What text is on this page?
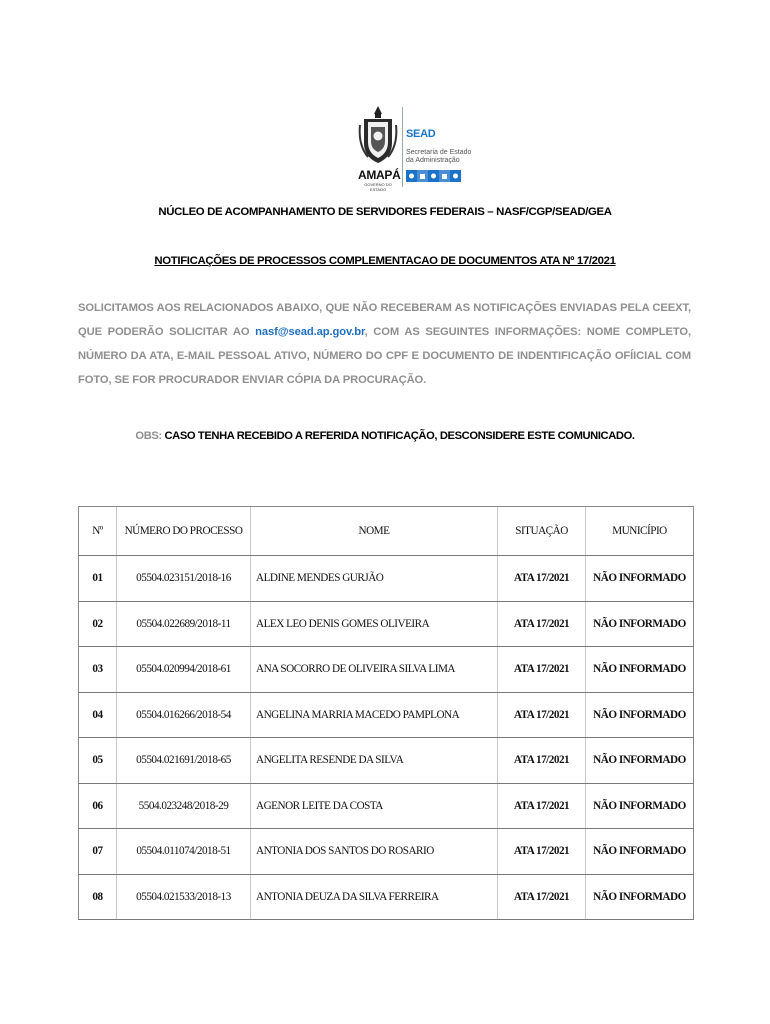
AMAPÁ
GOVERNO DO ESTADO
SEAD
Secretaria de Estado
da Administração
NÚCLEO DE ACOMPANHAMENTO DE SERVIDORES FEDERAIS – NASF/CGP/SEAD/GEA
NOTIFICAÇÕES DE PROCESSOS COMPLEMENTACAO DE DOCUMENTOS ATA Nº 17/2021
SOLICITAMOS AOS RELACIONADOS ABAIXO, QUE NÃO RECEBERAM AS NOTIFICAÇÕES ENVIADAS PELA CEEXT, QUE PODERÃO SOLICITAR AO nasf@sead.ap.gov.br, COM AS SEGUINTES INFORMAÇÕES: NOME COMPLETO, NÚMERO DA ATA, E-MAIL PESSOAL ATIVO, NÚMERO DO CPF E DOCUMENTO DE INDENTIFICAÇÃO OFÍICIAL COM FOTO, SE FOR PROCURADOR ENVIAR CÓPIA DA PROCURAÇÃO.
OBS: CASO TENHA RECEBIDO A REFERIDA NOTIFICAÇÃO, DESCONSIDERE ESTE COMUNICADO.
Nº	NÚMERO DO PROCESSO	NOME	SITUAÇÃO	MUNICÍPIO
01	05504.023151/2018-16	ALDINE MENDES GURJÃO	ATA 17/2021	NÃO INFORMADO
02	05504.022689/2018-11	ALEX LEO DENIS GOMES OLIVEIRA	ATA 17/2021	NÃO INFORMADO
03	05504.020994/2018-61	ANA SOCORRO DE OLIVEIRA SILVA LIMA	ATA 17/2021	NÃO INFORMADO
04	05504.016266/2018-54	ANGELINA MARRIA MACEDO PAMPLONA	ATA 17/2021	NÃO INFORMADO
05	05504.021691/2018-65	ANGELITA RESENDE DA SILVA	ATA 17/2021	NÃO INFORMADO
06	5504.023248/2018-29	AGENOR LEITE DA COSTA	ATA 17/2021	NÃO INFORMADO
07	05504.011074/2018-51	ANTONIA DOS SANTOS DO ROSARIO	ATA 17/2021	NÃO INFORMADO
08	05504.021533/2018-13	ANTONIA DEUZA DA SILVA FERREIRA	ATA 17/2021	NÃO INFORMADO
